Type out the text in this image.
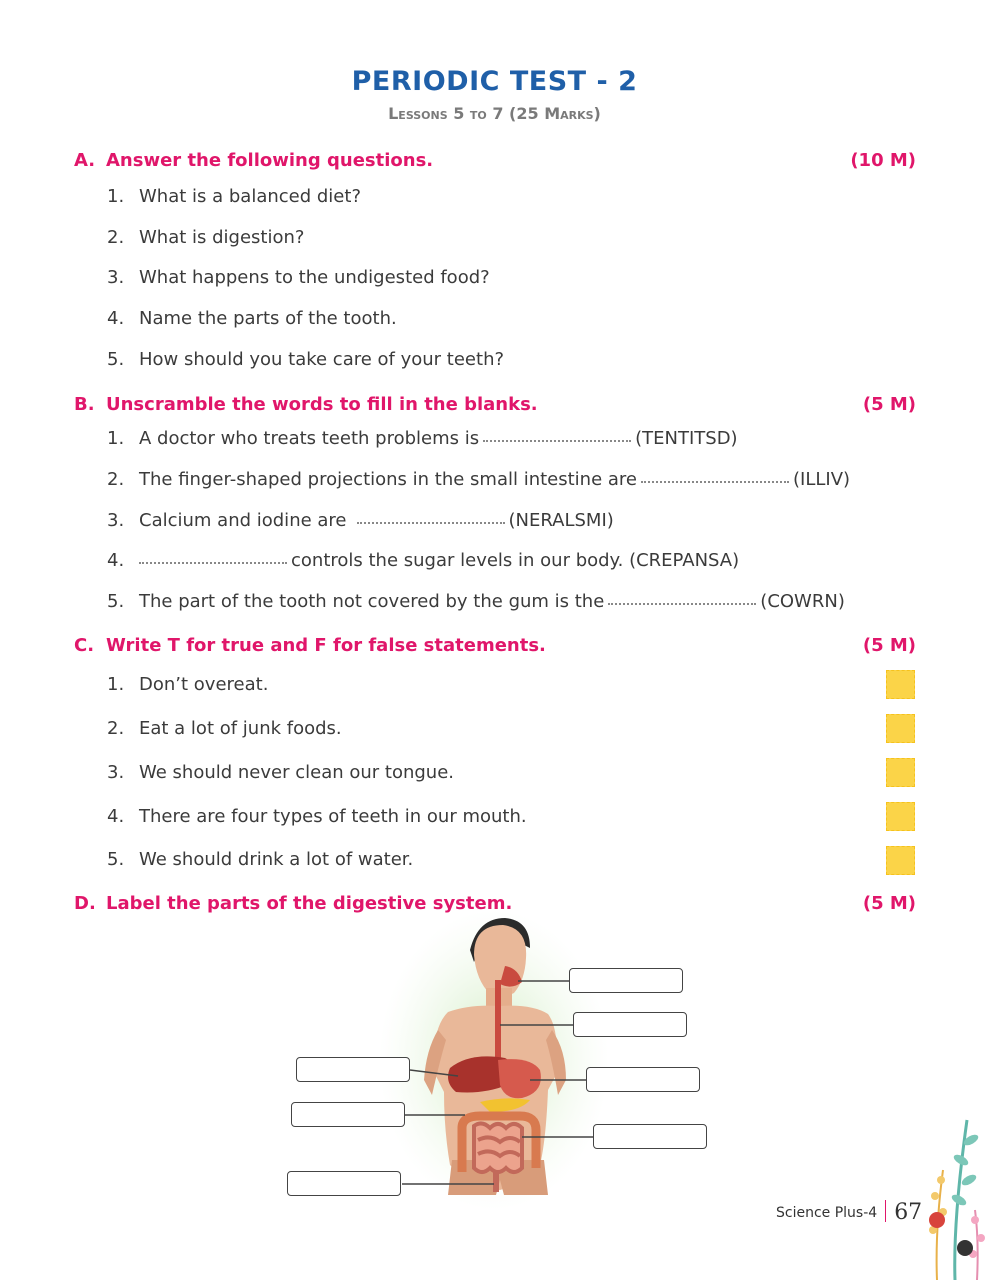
PERIODIC TEST - 2
Lessons 5 to 7 (25 Marks)
A. Answer the following questions.	(10 M)
1. What is a balanced diet?
2. What is digestion?
3. What happens to the undigested food?
4. Name the parts of the tooth.
5. How should you take care of your teeth?
B. Unscramble the words to fill in the blanks.	(5 M)
1. A doctor who treats teeth problems is	(TENTITSD)
2. The finger-shaped projections in the small intestine are	(ILLIV)
3. Calcium and iodine are	(NERALSMI)
4.	controls the sugar levels in our body. (CREPANSA)
5. The part of the tooth not covered by the gum is the	(COWRN)
C. Write T for true and F for false statements.	(5 M)
1. Don’t overeat.
2. Eat a lot of junk foods.
3. We should never clean our tongue.
4. There are four types of teeth in our mouth.
5. We should drink a lot of water.
D. Label the parts of the digestive system.	(5 M)
Science Plus-4 67
